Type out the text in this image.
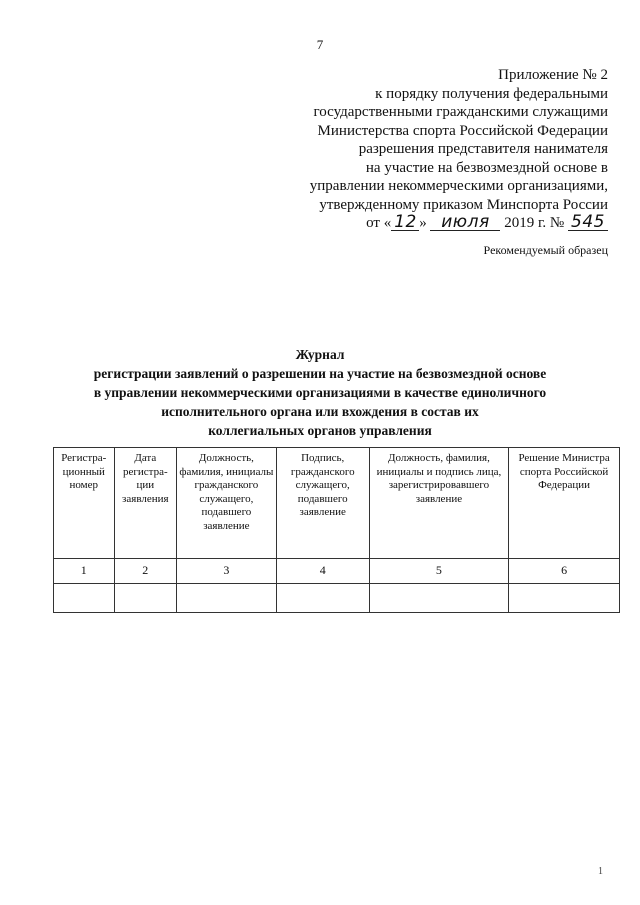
7
Приложение № 2
к порядку получения федеральными
государственными гражданскими служащими
Министерства спорта Российской Федерации
разрешения представителя нанимателя
на участие на безвозмездной основе в
управлении некоммерческими организациями,
утвержденному приказом Минспорта России
от « 12 » июля 2019 г. № 545
Рекомендуемый образец
Журнал
регистрации заявлений о разрешении на участие на безвозмездной основе
в управлении некоммерческими организациями в качестве единоличного
исполнительного органа или вхождения в состав их
коллегиальных органов управления
Регистра-ционный номер	Дата регистра-ции заявления	Должность, фамилия, инициалы гражданского служащего, подавшего заявление	Подпись, гражданского служащего, подавшего заявление	Должность, фамилия, инициалы и подпись лица, зарегистрировавшего заявление	Решение Министра спорта Российской Федерации
1	2	3	4	5	6

1
